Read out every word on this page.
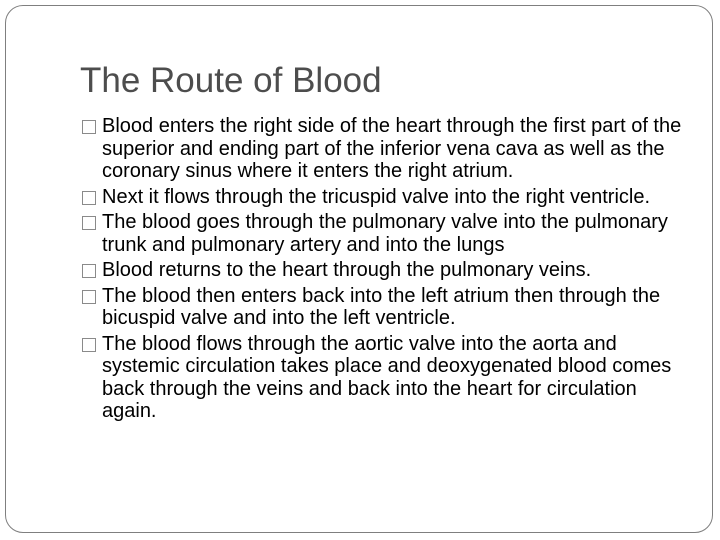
The Route of Blood
Blood enters the right side of the heart through the first part of the superior and ending part of the inferior vena cava as well as the coronary sinus where it enters the right atrium.
Next it flows through the tricuspid valve into the right ventricle.
The blood goes through the pulmonary valve into the pulmonary trunk and pulmonary artery and into the lungs
Blood returns to the heart through the pulmonary veins.
The blood then enters back into the left atrium then through the bicuspid valve and into the left ventricle.
The blood flows through the aortic valve into the aorta and systemic circulation takes place and deoxygenated blood comes back through the veins and back into the heart for circulation again.
